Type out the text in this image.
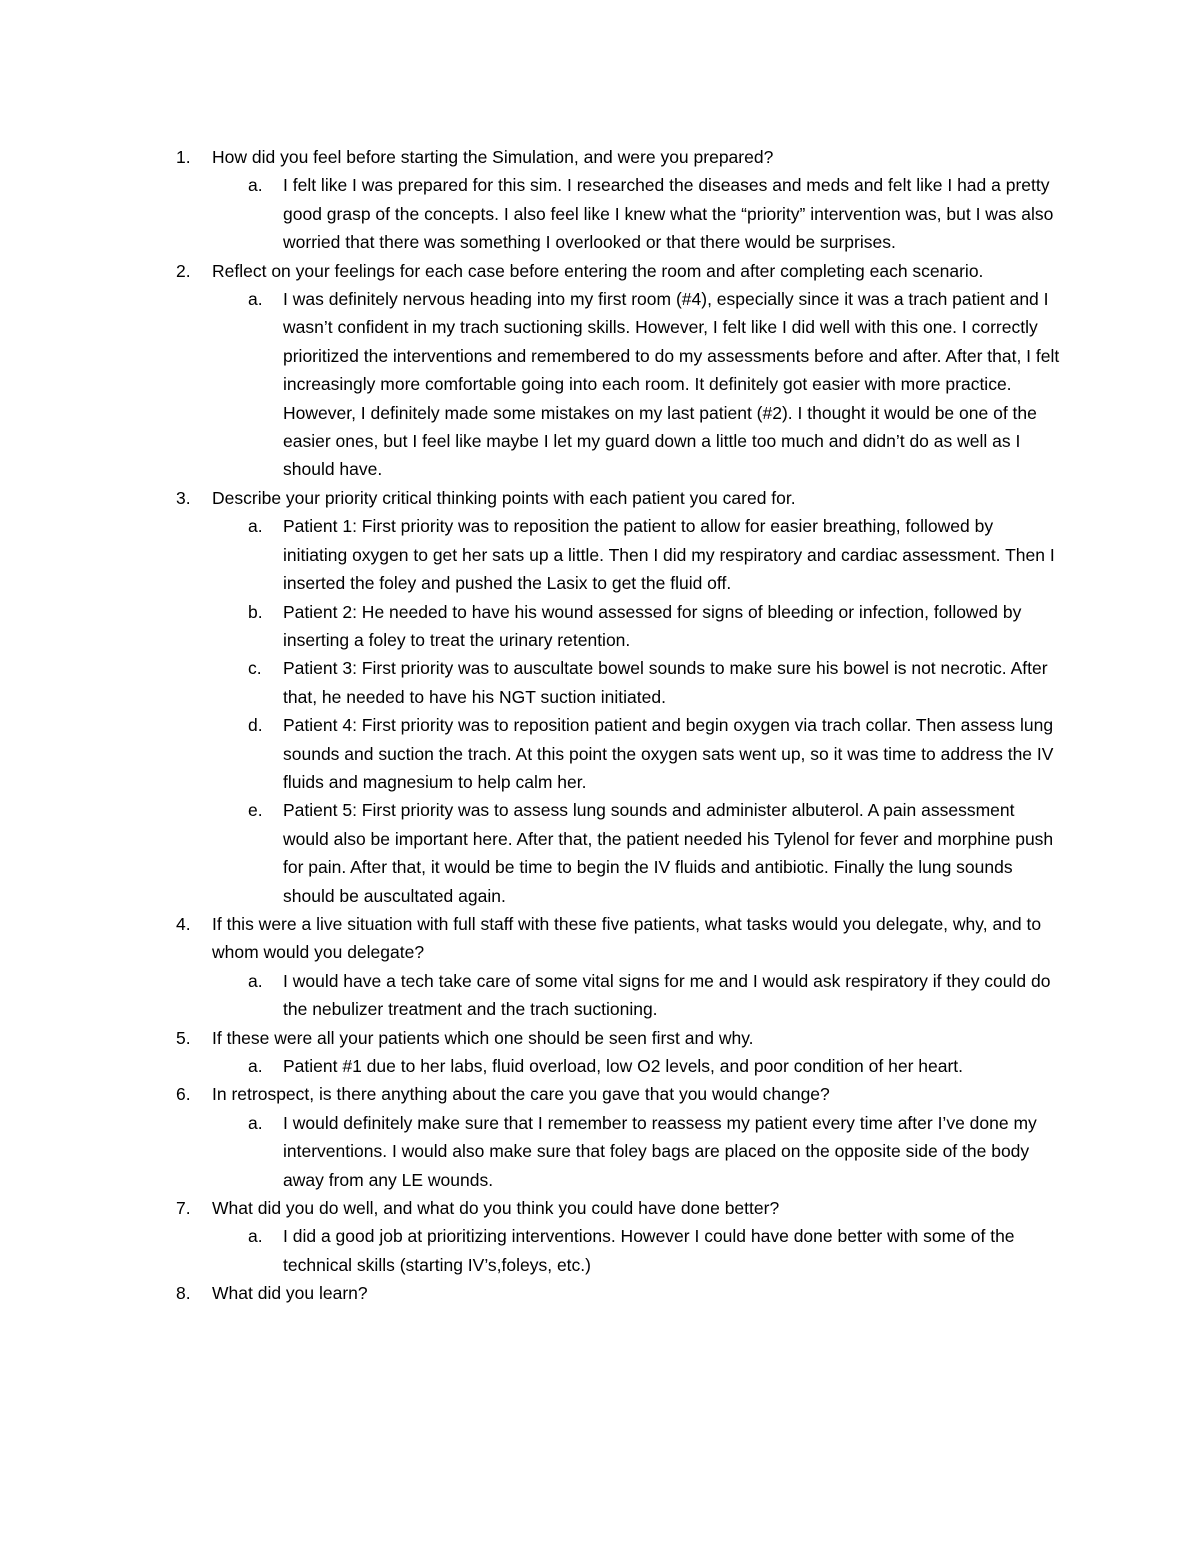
1. How did you feel before starting the Simulation, and were you prepared?
a. I felt like I was prepared for this sim. I researched the diseases and meds and felt like I had a pretty good grasp of the concepts. I also feel like I knew what the “priority” intervention was, but I was also worried that there was something I overlooked or that there would be surprises.
2. Reflect on your feelings for each case before entering the room and after completing each scenario.
a. I was definitely nervous heading into my first room (#4), especially since it was a trach patient and I wasn’t confident in my trach suctioning skills. However, I felt like I did well with this one. I correctly prioritized the interventions and remembered to do my assessments before and after. After that, I felt increasingly more comfortable going into each room. It definitely got easier with more practice. However, I definitely made some mistakes on my last patient (#2). I thought it would be one of the easier ones, but I feel like maybe I let my guard down a little too much and didn’t do as well as I should have.
3. Describe your priority critical thinking points with each patient you cared for.
a. Patient 1: First priority was to reposition the patient to allow for easier breathing, followed by initiating oxygen to get her sats up a little. Then I did my respiratory and cardiac assessment. Then I inserted the foley and pushed the Lasix to get the fluid off.
b. Patient 2: He needed to have his wound assessed for signs of bleeding or infection, followed by inserting a foley to treat the urinary retention.
c. Patient 3: First priority was to auscultate bowel sounds to make sure his bowel is not necrotic. After that, he needed to have his NGT suction initiated.
d. Patient 4: First priority was to reposition patient and begin oxygen via trach collar. Then assess lung sounds and suction the trach. At this point the oxygen sats went up, so it was time to address the IV fluids and magnesium to help calm her.
e. Patient 5: First priority was to assess lung sounds and administer albuterol. A pain assessment would also be important here. After that, the patient needed his Tylenol for fever and morphine push for pain. After that, it would be time to begin the IV fluids and antibiotic. Finally the lung sounds should be auscultated again.
4. If this were a live situation with full staff with these five patients, what tasks would you delegate, why, and to whom would you delegate?
a. I would have a tech take care of some vital signs for me and I would ask respiratory if they could do the nebulizer treatment and the trach suctioning.
5. If these were all your patients which one should be seen first and why.
a. Patient #1 due to her labs, fluid overload, low O2 levels, and poor condition of her heart.
6. In retrospect, is there anything about the care you gave that you would change?
a. I would definitely make sure that I remember to reassess my patient every time after I’ve done my interventions. I would also make sure that foley bags are placed on the opposite side of the body away from any LE wounds.
7. What did you do well, and what do you think you could have done better?
a. I did a good job at prioritizing interventions. However I could have done better with some of the technical skills (starting IV’s,foleys, etc.)
8. What did you learn?
